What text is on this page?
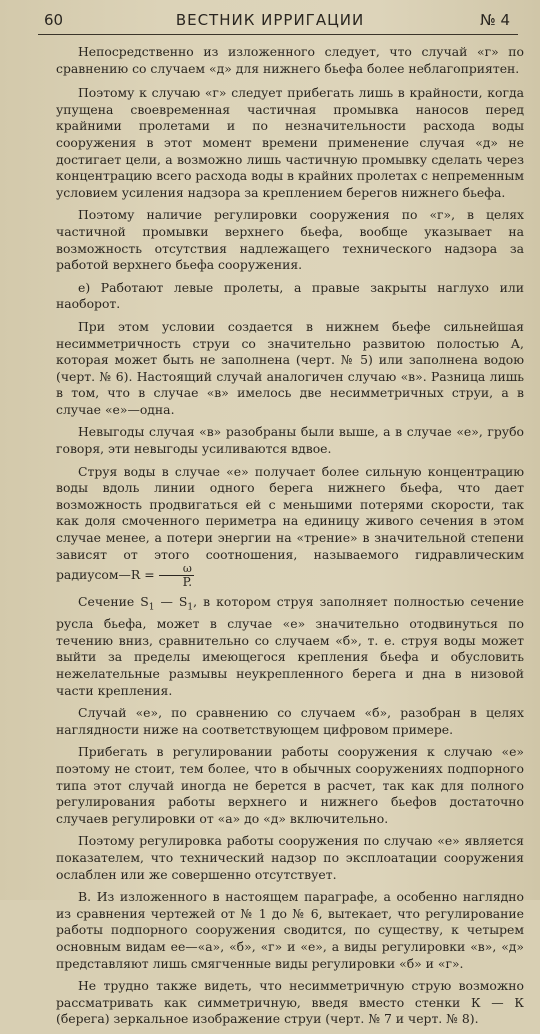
60	ВЕСТНИК ИРРИГАЦИИ	№ 4

Непосредственно из изложенного следует, что случай «г» по сравнению со случаем «д» для нижнего бьефа более неблагоприятен.

Поэтому к случаю «г» следует прибегать лишь в крайности, когда упущена своевременная частичная промывка наносов перед крайними пролетами и по незначительности расхода воды сооружения в этот момент времени применение случая «д» не достигает цели, а возможно лишь частичную промывку сделать через концентрацию всего расхода воды в крайних пролетах с непременным условием усиления надзора за креплением берегов нижнего бьефа.

Поэтому наличие регулировки сооружения по «г», в целях частичной промывки верхнего бьефа, вообще указывает на возможность отсутствия надлежащего технического надзора за работой верхнего бьефа сооружения.

е) Работают левые пролеты, а правые закрыты наглухо или наоборот.

При этом условии создается в нижнем бьефе сильнейшая несимметричность струи со значительно развитою полостью А, которая может быть не заполнена (черт. № 5) или заполнена водою (черт. № 6). Настоящий случай аналогичен случаю «в». Разница лишь в том, что в случае «в» имелось две несимметричных струи, а в случае «е»—одна.

Невыгоды случая «в» разобраны были выше, а в случае «е», грубо говоря, эти невыгоды усиливаются вдвое.

Струя воды в случае «е» получает более сильную концентрацию воды вдоль линии одного берега нижнего бьефа, что дает возможность продвигаться ей с меньшими потерями скорости, так как доля смоченного периметра на единицу живого сечения в этом случае менее, а потери энергии на «трение» в значительной степени зависят от этого соотношения, называемого гидравлическим радиусом—R = $\frac{\omega}{P.}$

Сечение $S_1$ — $S_1$, в котором струя заполняет полностью сечение русла бьефа, может в случае «е» значительно отодвинуться по течению вниз, сравнительно со случаем «б», т. е. струя воды может выйти за пределы имеющегося крепления бьефа и обусловить нежелательные размывы неукрепленного берега и дна в низовой части крепления.

Случай «е», по сравнению со случаем «б», разобран в целях наглядности ниже на соответствующем цифровом примере.

Прибегать в регулировании работы сооружения к случаю «е» поэтому не стоит, тем более, что в обычных сооружениях подпорного типа этот случай иногда не берется в расчет, так как для полного регулирования работы верхнего и нижнего бьефов достаточно случаев регулировки от «а» до «д» включительно.

Поэтому регулировка работы сооружения по случаю «е» является показателем, что технический надзор по эксплоатации сооружения ослаблен или же совершенно отсутствует.

В. Из изложенного в настоящем параграфе, а особенно наглядно из сравнения чертежей от № 1 до № 6, вытекает, что регулирование работы подпорного сооружения сводится, по существу, к четырем основным видам ее—«а», «б», «г» и «е», а виды регулировки «в», «д» представляют лишь смягченные виды регулировки «б» и «г».

Не трудно также видеть, что несимметричную струю возможно рассматривать как симметричную, введя вместо стенки К — К (берега) зеркальное изображение струи (черт. № 7 и черт. № 8).
